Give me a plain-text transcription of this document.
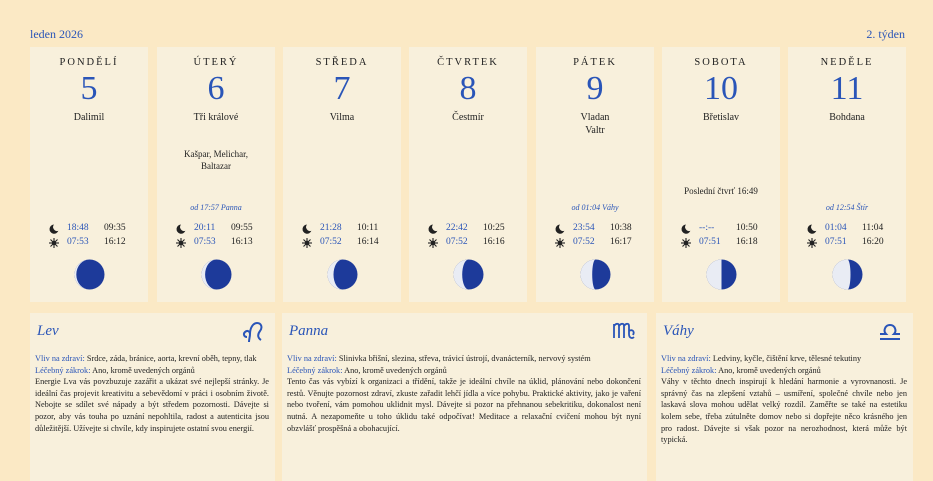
leden 2026	2. týden
PONDĚLÍ
5
Dalimil
18:48 09:35
07:53 16:12
ÚTERÝ
6
Tři králové
Kašpar, Melichar,
Baltazar
od 17:57 Panna
20:11 09:55
07:53 16:13
STŘEDA
7
Vilma
21:28 10:11
07:52 16:14
ČTVRTEK
8
Čestmír
22:42 10:25
07:52 16:16
PÁTEK
9
Vladan
Valtr
od 01:04 Váhy
23:54 10:38
07:52 16:17
SOBOTA
10
Břetislav
Poslední čtvrť 16:49
--:-- 10:50
07:51 16:18
NEDĚLE
11
Bohdana
od 12:54 Štír
01:04 11:04
07:51 16:20
Lev
Vliv na zdraví: Srdce, záda, brániсe, aorta, krevní oběh, tepny, tlak
Léčebný zákrok: Ano, kromě uvedených orgánů
Energie Lva vás povzbuzuje zazářit a ukázat své nejlepší stránky. Je ideální čas projevit kreativitu a sebevědomí v práci i osobním životě. Nebojte se sdílet své nápady a být středem pozornosti. Dávejte si pozor, aby vás touha po uznání nepohltila, radost a autenticita jsou důležitější. Užívejte si chvíle, kdy inspirujete ostatní svou energií.
Panna
Vliv na zdraví: Slinivka břišní, slezina, střeva, trávicí ústrojí, dvanácterník, nervový systém
Léčebný zákrok: Ano, kromě uvedených orgánů
Tento čas vás vybízí k organizaci a třídění, takže je ideální chvíle na úklid, plánování nebo dokončení restů. Věnujte pozornost zdraví, zkuste zařadit lehčí jídla a více pohybu. Praktické aktivity, jako je vaření nebo tvoření, vám pomohou uklidnit mysl. Dávejte si pozor na přehnanou sebekritiku, dokonalost není nutná. A nezapomeňte u toho úklidu také odpočívat! Meditace a relaxační cvičení mohou být nyní obzvlášť prospěšná a obohacující.
Váhy
Vliv na zdraví: Ledviny, kyčle, čištění krve, tělesné tekutiny
Léčebný zákrok: Ano, kromě uvedených orgánů
Váhy v těchto dnech inspirují k hledání harmonie a vyrovnanosti. Je správný čas na zlepšení vztahů – usmíření, společné chvíle nebo jen laskavá slova mohou udělat velký rozdíl. Zaměřte se také na estetiku kolem sebe, třeba zútulněte domov nebo si dopřejte něco krásného jen pro radost. Dávejte si však pozor na nerozhodnost, která může být typická.
